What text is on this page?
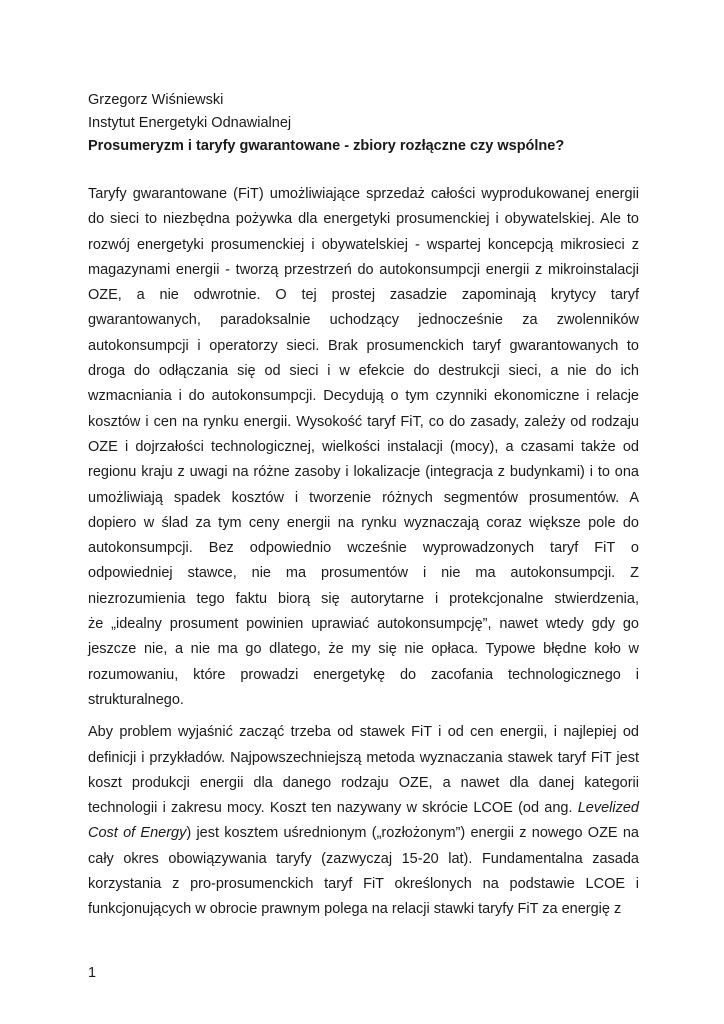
Grzegorz Wiśniewski
Instytut Energetyki Odnawialnej
Prosumeryzm i taryfy gwarantowane - zbiory rozłączne czy wspólne?

Taryfy gwarantowane (FiT) umożliwiające sprzedaż całości wyprodukowanej energii
do sieci to niezbędna pożywka dla energetyki prosumenckiej i obywatelskiej. Ale to
rozwój energetyki prosumenckiej i obywatelskiej - wspartej koncepcją mikrosieci z
magazynami energii - tworzą przestrzeń do autokonsumpcji energii z mikroinstalacji
OZE, a nie odwrotnie. O tej prostej zasadzie zapominają krytycy taryf
gwarantowanych, paradoksalnie uchodzący jednocześnie za zwolenników
autokonsumpcji i operatorzy sieci. Brak prosumenckich taryf gwarantowanych to
droga do odłączania się od sieci i w efekcie do destrukcji sieci, a nie do ich
wzmacniania i do autokonsumpcji. Decydują o tym czynniki ekonomiczne i relacje
kosztów i cen na rynku energii. Wysokość taryf FiT, co do zasady, zależy od rodzaju
OZE i dojrzałości technologicznej, wielkości instalacji (mocy), a czasami także od
regionu kraju z uwagi na różne zasoby i lokalizacje (integracja z budynkami) i to ona
umożliwiają spadek kosztów i tworzenie różnych segmentów prosumentów. A
dopiero w ślad za tym ceny energii na rynku wyznaczają coraz większe pole do
autokonsumpcji. Bez odpowiednio wcześnie wyprowadzonych taryf FiT o
odpowiedniej stawce, nie ma prosumentów i nie ma autokonsumpcji. Z
niezrozumienia tego faktu biorą się autorytarne i protekcjonalne stwierdzenia,
że „idealny prosument powinien uprawiać autokonsumpcję”, nawet wtedy gdy go
jeszcze nie, a nie ma go dlatego, że my się nie opłaca. Typowe błędne koło w
rozumowaniu, które prowadzi energetykę do zacofania technologicznego i
strukturalnego.

Aby problem wyjaśnić zacząć trzeba od stawek FiT i od cen energii, i najlepiej od
definicji i przykładów. Najpowszechniejszą metoda wyznaczania stawek taryf FiT jest
koszt produkcji energii dla danego rodzaju OZE, a nawet dla danej kategorii
technologii i zakresu mocy. Koszt ten nazywany w skrócie LCOE (od ang. Levelized
Cost of Energy) jest kosztem uśrednionym („rozłożonym”) energii z nowego OZE na
cały okres obowiązywania taryfy (zazwyczaj 15-20 lat). Fundamentalna zasada
korzystania z pro-prosumenckich taryf FiT określonych na podstawie LCOE i
funkcjonujących w obrocie prawnym polega na relacji stawki taryfy FiT za energię z

1
